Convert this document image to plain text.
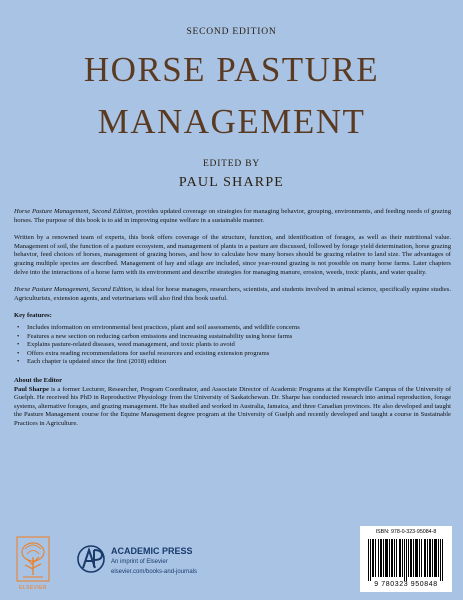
SECOND EDITION
HORSE PASTURE
MANAGEMENT
EDITED BY
PAUL SHARPE

Horse Pasture Management, Second Edition, provides updated coverage on strategies for managing behavior, grouping, environments, and feeding needs of grazing horses. The purpose of this book is to aid in improving equine welfare in a sustainable manner.

Written by a renowned team of experts, this book offers coverage of the structure, function, and identification of forages, as well as their nutritional value. Management of soil, the function of a pasture ecosystem, and management of plants in a pasture are discussed, followed by forage yield determination, horse grazing behavior, feed choices of horses, management of grazing horses, and how to calculate how many horses should be grazing relative to land size. The advantages of grazing multiple species are described. Management of hay and silage are included, since year-round grazing is not possible on many horse farms. Later chapters delve into the interactions of a horse farm with its environment and describe strategies for managing manure, erosion, weeds, toxic plants, and water quality.

Horse Pasture Management, Second Edition, is ideal for horse managers, researchers, scientists, and students involved in animal science, specifically equine studies. Agriculturists, extension agents, and veterinarians will also find this book useful.

Key features:
• Includes information on environmental best practices, plant and soil assessments, and wildlife concerns
• Features a new section on reducing carbon emissions and increasing sustainability using horse farms
• Explains pasture-related diseases, weed management, and toxic plants to avoid
• Offers extra reading recommendations for useful resources and existing extension programs
• Each chapter is updated since the first (2018) edition
About the Editor

Paul Sharpe is a former Lecturer, Researcher, Program Coordinator, and Associate Director of Academic Programs at the Kemptville Campus of the University of Guelph. He received his PhD in Reproductive Physiology from the University of Saskatchewan. Dr. Sharpe has conducted research into animal reproduction, forage systems, alternative forages, and grazing management. He has studied and worked in Australia, Jamaica, and three Canadian provinces. He also developed and taught the Pasture Management course for the Equine Management degree program at the University of Guelph and recently developed and taught a course in Sustainable Practices in Agriculture.

ELSEVIER
ACADEMIC PRESS
An imprint of Elsevier
elsevier.com/books-and-journals
ISBN: 978-0-323-95084-8
9 780323 950848
